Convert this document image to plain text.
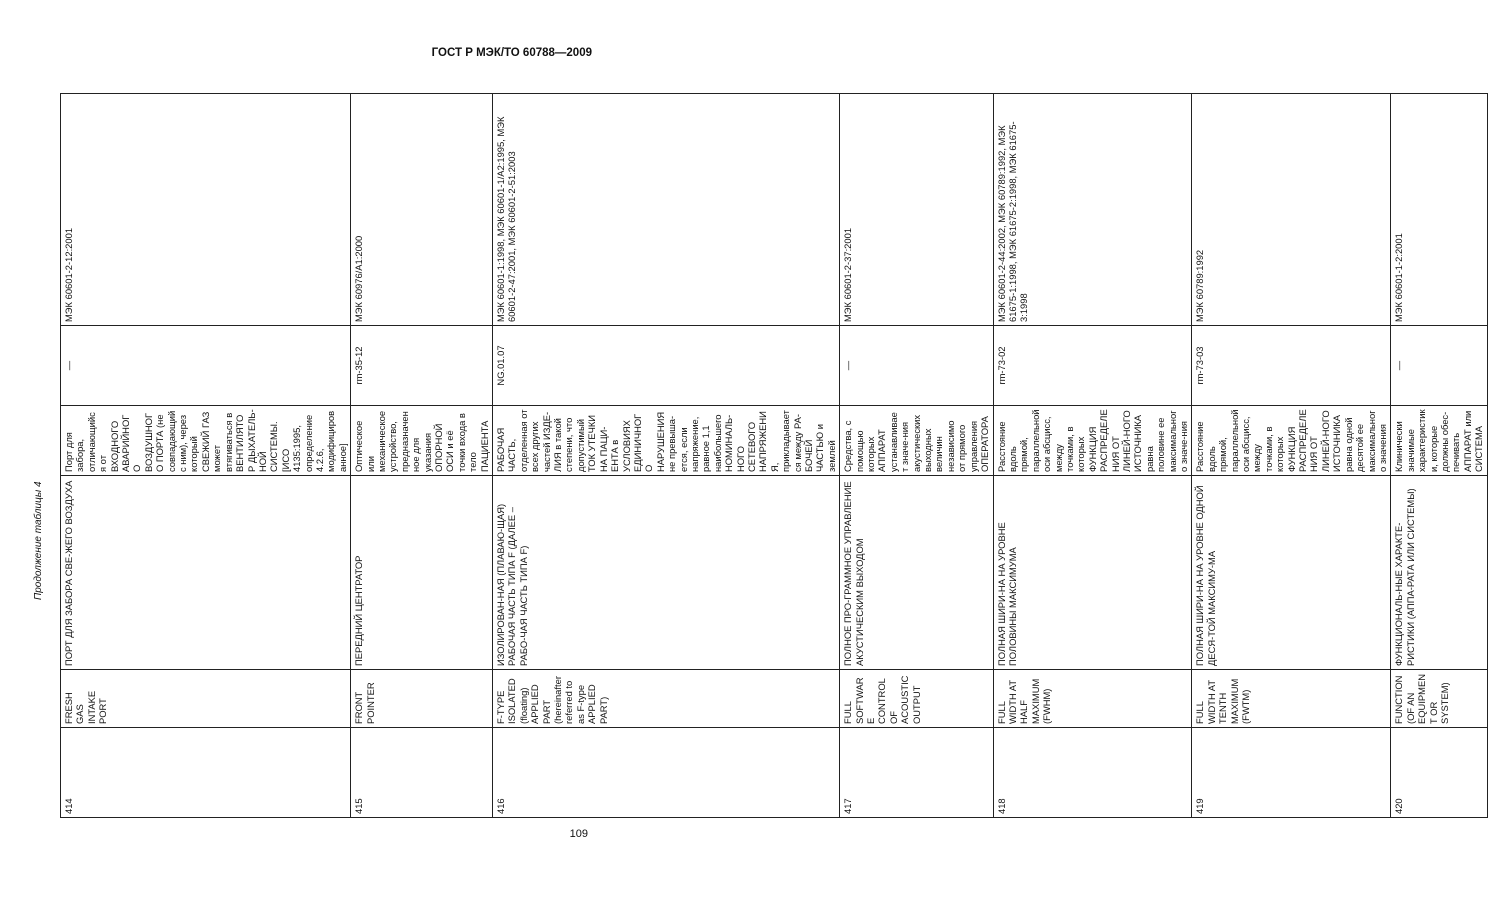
ГОСТ Р МЭК/ТО 60788—2009
Продолжение таблицы 4
414	FRESH GAS INTAKE PORT	ПОРТ ДЛЯ ЗАБОРА СВЕ-ЖЕГО ВОЗДУХА	Порт для забора, отличающийся от ВХОДНОГО АВАРИЙНОГО ВОЗДУШНОГО ПОРТА (не совпадающий с ним), через который СВЕЖИЙ ГАЗ может втягиваться в ВЕНТИЛЯТОР ДЫХАТЕЛЬ-НОЙ СИСТЕМЫ. [ИСО 4135:1995, определение 4.2.6, модифицированное]	—	МЭК 60601-2-12:2001
415	FRONT POINTER	ПЕРЕДНИЙ ЦЕНТРАТОР	Оптическое или механическое устройство, предназначенное для указания ОПОРНОЙ ОСИ и её точки входа в тело ПАЦИЕНТА	rm-35-12	МЭК 60976/А1:2000
416	F-TYPE ISOLATED (floating) APPLIED PART (hereinafter referred to as F-type APPLIED PART)	ИЗОЛИРОВАН-НАЯ (ПЛАВАЮ-ЩАЯ) РАБОЧАЯ ЧАСТЬ ТИПА F (ДАЛЕЕ – РАБО-ЧАЯ ЧАСТЬ ТИПА F)	РАБОЧАЯ ЧАСТЬ, отделенная от всех других частей ИЗДЕ-ЛИЯ в такой степени, что допустимый ТОК УТЕЧКИ НА ПАЦИ-ЕНТА в УСЛОВИЯХ ЕДИНИЧНОГО НАРУШЕНИЯ не превыша-ется, если напряжение, равное 1,1 наибольшего НОМИНАЛЬ-НОГО СЕТЕВОГО НАПРЯЖЕНИЯ, прикладывается между РА-БОЧЕЙ ЧАСТЬЮ и землей	NG.01.07	МЭК 60601-1:1998, МЭК 60601-1/А2:1995, МЭК 60601-2-47:2001, МЭК 60601-2-51:2003
417	FULL SOFTWARE CONTROL OF ACOUSTIC OUTPUT	ПОЛНОЕ ПРО-ГРАММНОЕ УПРАВЛЕНИЕ АКУСТИЧЕСКИМ ВЫХОДОМ	Средства, с помощью которых АППАРАТ устанавливает значе-ния акустических выходных величин независимо от прямого управления ОПЕРАТОРА	—	МЭК 60601-2-37:2001
418	FULL WIDTH AT HALF MAXIMUM (FWHM)	ПОЛНАЯ ШИРИ-НА НА УРОВНЕ ПОЛОВИНЫ МАКСИМУМА	Расстояние вдоль прямой, параллельной оси абсцисс, между точками, в которых ФУНКЦИЯ РАСПРЕДЕЛЕНИЯ ОТ ЛИНЕЙ-НОГО ИСТОЧНИКА равна половине ее максимального значе-ния	rm-73-02	МЭК 60601-2-44:2002, МЭК 60789:1992, МЭК 61675-1:1998, МЭК 61675-2:1998, МЭК 61675-3:1998
419	FULL WIDTH AT TENTH MAXIMUM (FWTM)	ПОЛНАЯ ШИРИ-НА НА УРОВНЕ ОДНОЙ ДЕСЯ-ТОЙ МАКСИМУ-МА	Расстояние вдоль прямой, параллельной оси абсцисс, между точками, в которых ФУНКЦИЯ РАСПРЕДЕЛЕНИЯ ОТ ЛИНЕЙ-НОГО ИСТОЧНИКА равна одной десятой ее максимального значения	rm-73-03	МЭК 60789:1992
420	FUNCTION (OF AN EQUIPMENT OR SYSTEM)	ФУНКЦИОНАЛЬ-НЫЕ ХАРАКТЕ-РИСТИКИ (АППА-РАТА ИЛИ СИСТЕМЫ)	Клинически значимые характеристики, которые должны обес-печивать АППАРАТ или СИСТЕМА	—	МЭК 60601-1-2:2001
109
